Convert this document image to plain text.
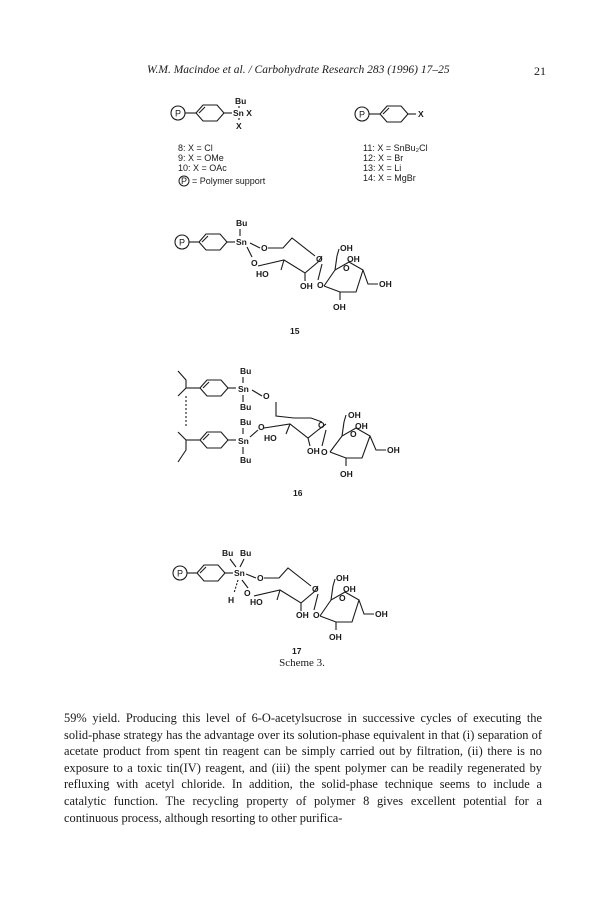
W.M. Macindoe et al. / Carbohydrate Research 283 (1996) 17–25	21
P
Bu
Sn X
X
8: X = Cl
9: X = OMe
10: X = OAc
P = Polymer support
P	X
11: X = SnBu₂Cl
12: X = Br
13: X = Li
14: X = MgBr
P
Bu
Sn
O
O
HO
OH
O
O
OH
OH
O
OH
OH
15
Bu
Sn
O
Bu
Bu
Sn
O
Bu
HO
OH
O
O
OH
OH
O
OH
OH
16
P
Bu Bu
Sn O
H
O
HO
OH
O
O
OH
OH
O
OH
OH
17
Scheme 3.

59% yield. Producing this level of 6-O-acetylsucrose in successive cycles of executing the solid-phase strategy has the advantage over its solution-phase equivalent in that (i) separation of acetate product from spent tin reagent can be simply carried out by filtration, (ii) there is no exposure to a toxic tin(IV) reagent, and (iii) the spent polymer can be readily regenerated by refluxing with acetyl chloride. In addition, the solid-phase technique seems to include a catalytic function. The recycling property of polymer 8 gives excellent potential for a continuous process, although resorting to other purifica-
